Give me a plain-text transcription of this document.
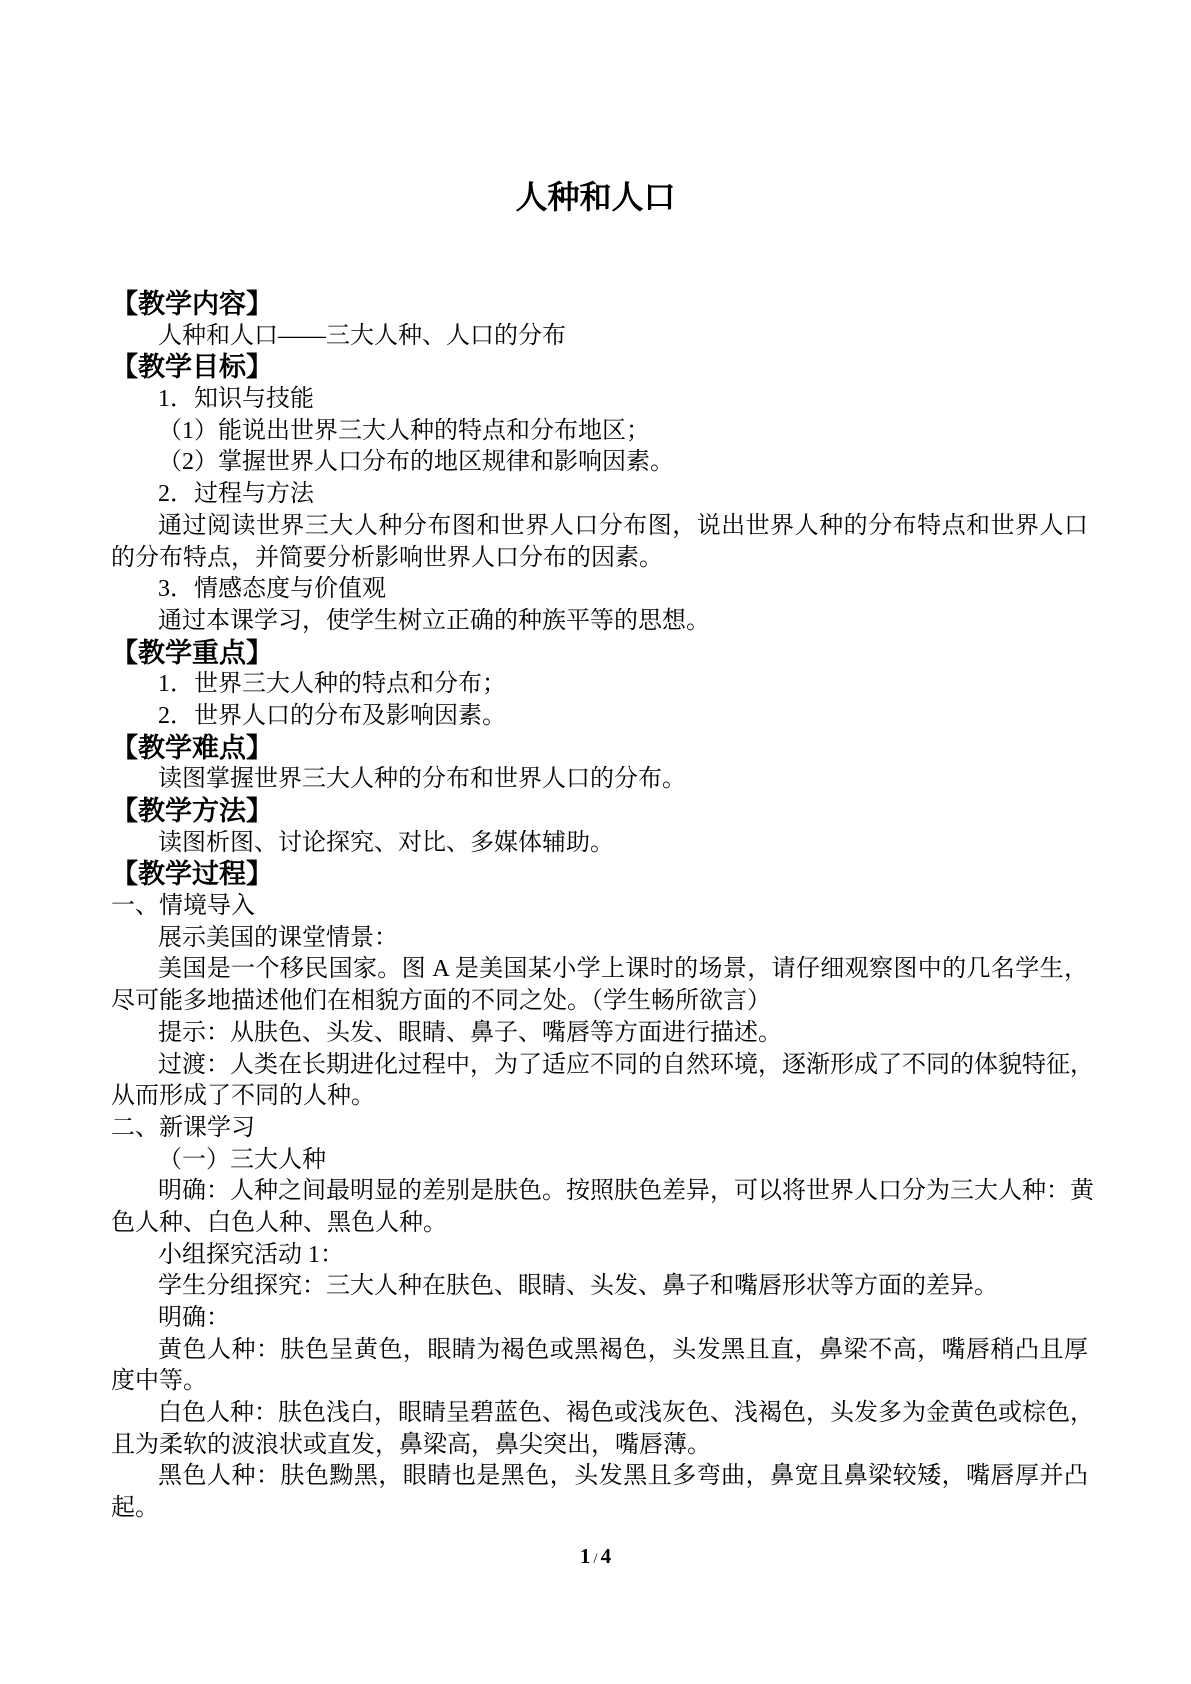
人种和人口
【教学内容】
人种和人口——三大人种、人口的分布
【教学目标】
1．知识与技能
（1）能说出世界三大人种的特点和分布地区；
（2）掌握世界人口分布的地区规律和影响因素。
2．过程与方法
通过阅读世界三大人种分布图和世界人口分布图，说出世界人种的分布特点和世界人口
的分布特点，并简要分析影响世界人口分布的因素。
3．情感态度与价值观
通过本课学习，使学生树立正确的种族平等的思想。
【教学重点】
1．世界三大人种的特点和分布；
2．世界人口的分布及影响因素。
【教学难点】
读图掌握世界三大人种的分布和世界人口的分布。
【教学方法】
读图析图、讨论探究、对比、多媒体辅助。
【教学过程】
一、情境导入
展示美国的课堂情景：
美国是一个移民国家。图 A 是美国某小学上课时的场景，请仔细观察图中的几名学生，
尽可能多地描述他们在相貌方面的不同之处。（学生畅所欲言）
提示：从肤色、头发、眼睛、鼻子、嘴唇等方面进行描述。
过渡：人类在长期进化过程中，为了适应不同的自然环境，逐渐形成了不同的体貌特征，
从而形成了不同的人种。
二、新课学习
（一）三大人种
明确：人种之间最明显的差别是肤色。按照肤色差异，可以将世界人口分为三大人种：黄
色人种、白色人种、黑色人种。
小组探究活动 1：
学生分组探究：三大人种在肤色、眼睛、头发、鼻子和嘴唇形状等方面的差异。
明确：
黄色人种：肤色呈黄色，眼睛为褐色或黑褐色，头发黑且直，鼻梁不高，嘴唇稍凸且厚
度中等。
白色人种：肤色浅白，眼睛呈碧蓝色、褐色或浅灰色、浅褐色，头发多为金黄色或棕色，
且为柔软的波浪状或直发，鼻梁高，鼻尖突出，嘴唇薄。
黑色人种：肤色黝黑，眼睛也是黑色，头发黑且多弯曲，鼻宽且鼻梁较矮，嘴唇厚并凸
起。
1 / 4
